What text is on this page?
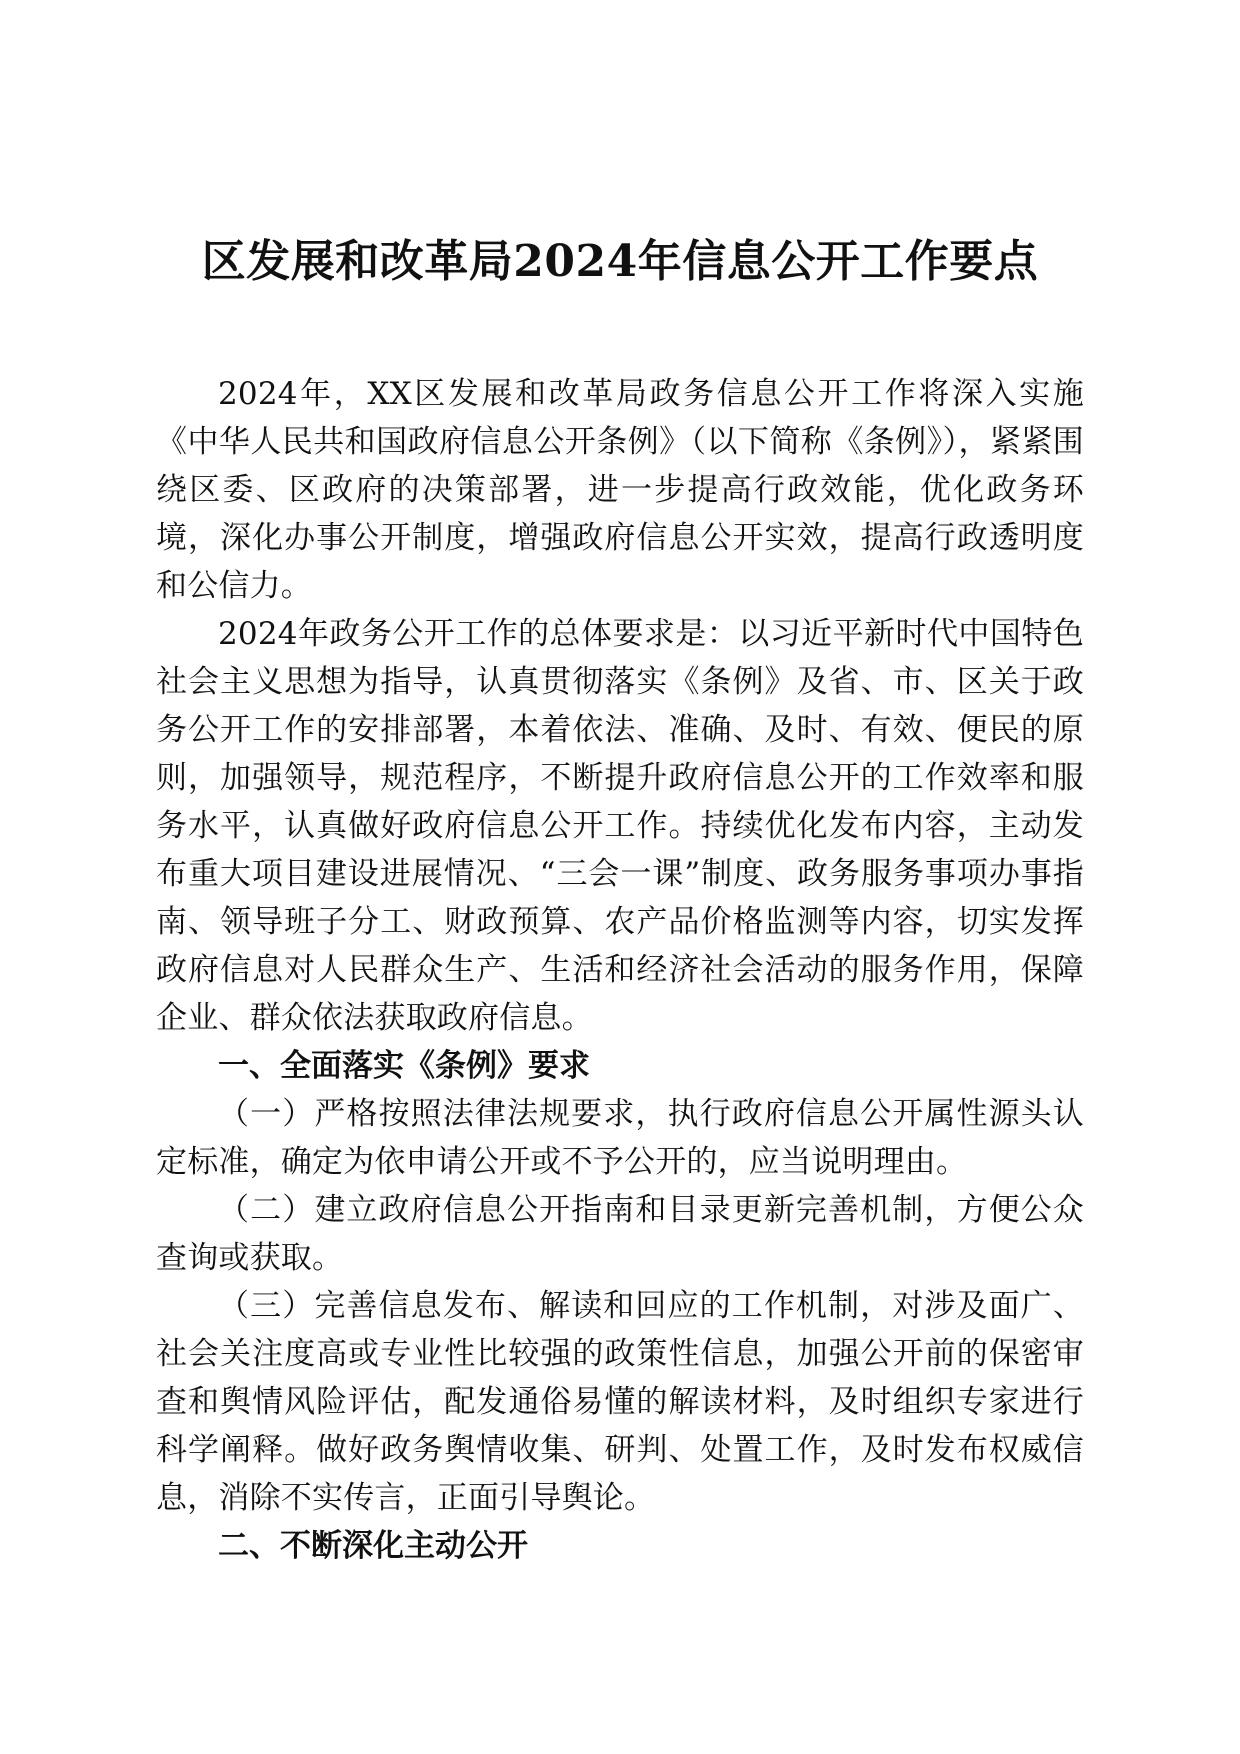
区发展和改革局2024年信息公开工作要点

2024年，XX区发展和改革局政务信息公开工作将深入实施《中华人民共和国政府信息公开条例》（以下简称《条例》），紧紧围绕区委、区政府的决策部署，进一步提高行政效能，优化政务环境，深化办事公开制度，增强政府信息公开实效，提高行政透明度和公信力。

2024年政务公开工作的总体要求是：以习近平新时代中国特色社会主义思想为指导，认真贯彻落实《条例》及省、市、区关于政务公开工作的安排部署，本着依法、准确、及时、有效、便民的原则，加强领导，规范程序，不断提升政府信息公开的工作效率和服务水平，认真做好政府信息公开工作。持续优化发布内容，主动发布重大项目建设进展情况、“三会一课”制度、政务服务事项办事指南、领导班子分工、财政预算、农产品价格监测等内容，切实发挥政府信息对人民群众生产、生活和经济社会活动的服务作用，保障企业、群众依法获取政府信息。

一、全面落实《条例》要求

（一）严格按照法律法规要求，执行政府信息公开属性源头认定标准，确定为依申请公开或不予公开的，应当说明理由。

（二）建立政府信息公开指南和目录更新完善机制，方便公众查询或获取。

（三）完善信息发布、解读和回应的工作机制，对涉及面广、社会关注度高或专业性比较强的政策性信息，加强公开前的保密审查和舆情风险评估，配发通俗易懂的解读材料，及时组织专家进行科学阐释。做好政务舆情收集、研判、处置工作，及时发布权威信息，消除不实传言，正面引导舆论。

二、不断深化主动公开
